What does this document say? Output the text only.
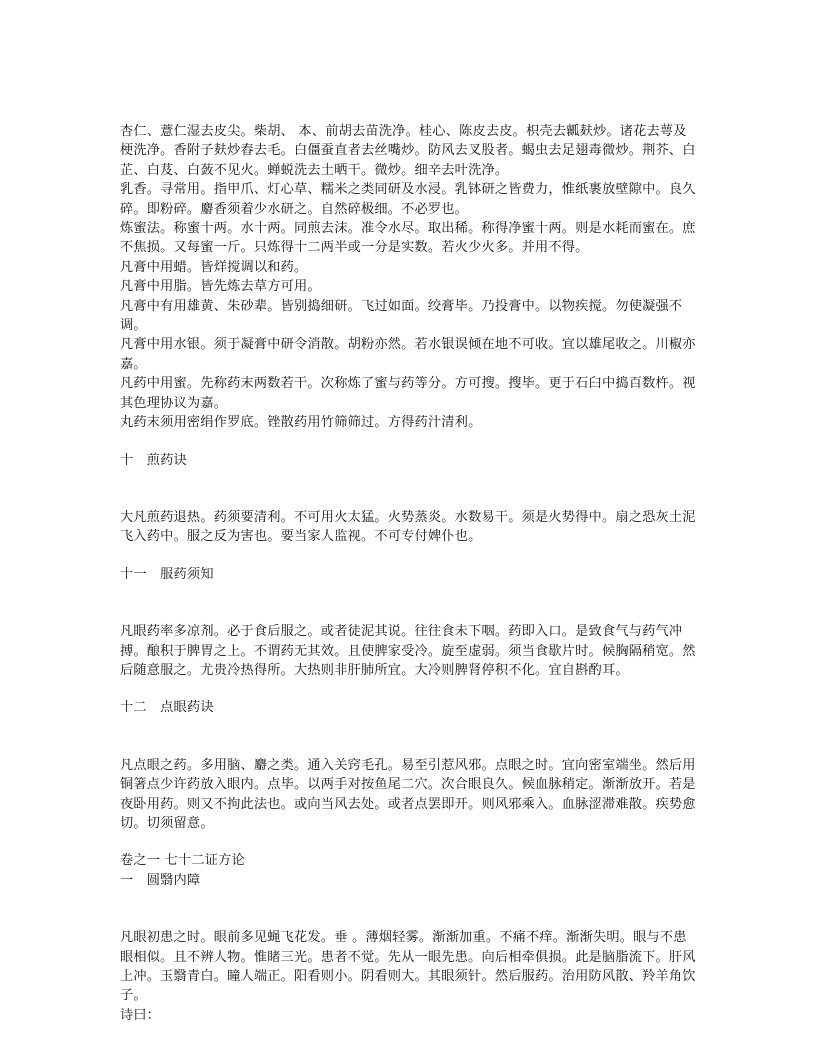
杏仁、薏仁湿去皮尖。柴胡、 本、前胡去苗洗净。桂心、陈皮去皮。枳壳去瓤麸炒。诸花去萼及梗洗净。香附子麸炒舂去毛。白僵蚕直者去丝嘴炒。防风去叉股者。蝎虫去足翅毒微炒。荆芥、白芷、白芨、白蔹不见火。蝉蜕洗去土晒干。微炒。细辛去叶洗净。

乳香。寻常用。指甲爪、灯心草、糯米之类同研及水浸。乳钵研之皆费力，惟纸裹放壁隙中。良久碎。即粉碎。麝香须着少水研之。自然碎极细。不必罗也。

炼蜜法。称蜜十两。水十两。同煎去沫。准令水尽。取出稀。称得净蜜十两。则是水耗而蜜在。庶不焦损。又每蜜一斤。只炼得十二两半或一分是实数。若火少火多。并用不得。

凡膏中用蜡。皆烊搅调以和药。

凡膏中用脂。皆先炼去草方可用。

凡膏中有用雄黄、朱砂辈。皆别捣细研。飞过如面。绞膏毕。乃投膏中。以物疾搅。勿使凝强不调。

凡膏中用水银。须于凝膏中研令消散。胡粉亦然。若水银误倾在地不可收。宜以雄尾收之。川椒亦嘉。

凡药中用蜜。先称药末两数若干。次称炼了蜜与药等分。方可搜。搜毕。更于石臼中捣百数杵。视其色理协议为嘉。

丸药末须用密绢作罗底。锉散药用竹筛筛过。方得药汁清利。

十　煎药诀

大凡煎药退热。药须要清利。不可用火太猛。火势蒸炎。水数易干。须是火势得中。扇之恐灰土泥飞入药中。服之反为害也。要当家人监视。不可专付婢仆也。

十一　服药须知

凡眼药率多凉剂。必于食后服之。或者徒泥其说。往往食未下咽。药即入口。是致食气与药气冲搏。酿积于脾胃之上。不谓药无其效。且使脾家受冷。旋至虚弱。须当食歇片时。候胸隔稍宽。然后随意服之。尤贵冷热得所。大热则非肝肺所宜。大冷则脾肾停积不化。宜自斟酌耳。

十二　点眼药诀

凡点眼之药。多用脑、麝之类。通入关窍毛孔。易至引惹风邪。点眼之时。宜向密室端坐。然后用铜箸点少许药放入眼内。点毕。以两手对按鱼尾二穴。次合眼良久。候血脉稍定。渐渐放开。若是夜卧用药。则又不拘此法也。或向当风去处。或者点罢即开。则风邪乘入。血脉涩滞难散。疾势愈切。切须留意。

卷之一 七十二证方论

一　圆翳内障

凡眼初患之时。眼前多见蝇飞花发。垂 。薄烟轻雾。渐渐加重。不痛不痒。渐渐失明。眼与不患眼相似。且不辨人物。惟睹三光。患者不觉。先从一眼先患。向后相牵俱损。此是脑脂流下。肝风上冲。玉翳青白。瞳人端正。阳看则小。阴看则大。其眼须针。然后服药。治用防风散、羚羊角饮子。

诗曰：
